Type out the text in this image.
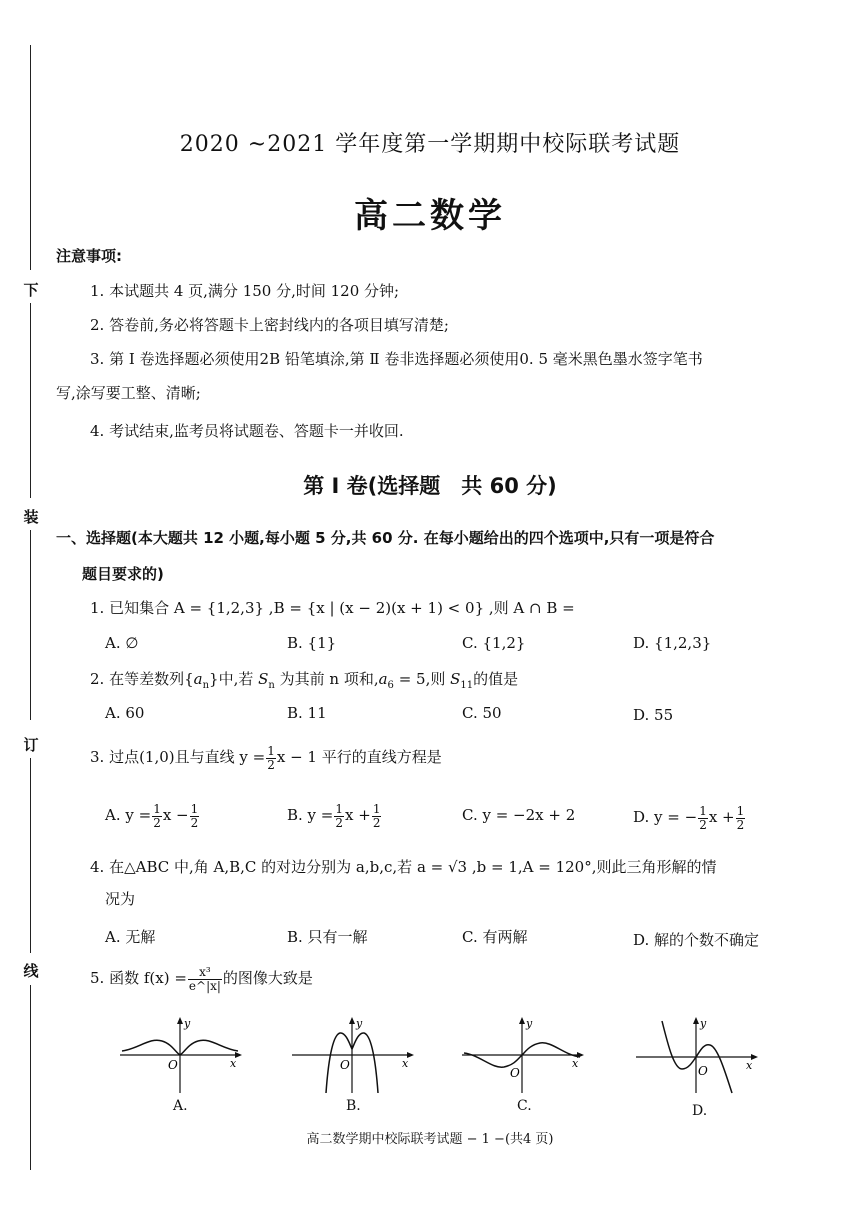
下
装
订
线
2020 ~2021 学年度第一学期期中校际联考试题
高二数学
注意事项:
1. 本试题共 4 页,满分 150 分,时间 120 分钟;
2. 答卷前,务必将答题卡上密封线内的各项目填写清楚;
3. 第 Ⅰ 卷选择题必须使用2B 铅笔填涂,第 Ⅱ 卷非选择题必须使用0. 5 毫米黑色墨水签字笔书
写,涂写要工整、清晰;
4. 考试结束,监考员将试题卷、答题卡一并收回.
第 Ⅰ 卷(选择题　共 60 分)
一、选择题(本大题共 12 小题,每小题 5 分,共 60 分. 在每小题给出的四个选项中,只有一项是符合
题目要求的)
1. 已知集合 A = {1,2,3} ,B = {x | (x − 2)(x + 1) < 0} ,则 A ∩ B =
A. ∅	B. {1}	C. {1,2}	D. {1,2,3}
2. 在等差数列$\{a_n\}$中,若 $S_n$ 为其前 n 项和$,a_6 = 5$,则 $S_{11}$的值是
A. 60	B. 11	C. 50	D. 55
3. 过点(1,0)且与直线 $y = \frac{1}{2}$ x − 1 平行的直线方程是
A. $y = \frac{1}{2}$ $x - \frac{1}{2}$	B. $y = \frac{1}{2}$ $x + \frac{1}{2}$	C. y = −2x + 2	D. y = − $\frac{1}{2}$ $x + \frac{1}{2}$
4. 在△ABC 中,角 A,B,C 的对边分别为 a,b,c,若 a = √3 ,b = 1,A = 120°,则此三角形解的情
况为
A. 无解	B. 只有一解	C. 有两解	D. 解的个数不确定
5. 函数 $f(x) = \frac{\text{x³}}{e\^{}|x|}$ 的图像大致是
y
x
O
A.
y
x
O
B.
y
x
O
C.
y
x
O
D.
高二数学期中校际联考试题 − 1 −(共4 页)
